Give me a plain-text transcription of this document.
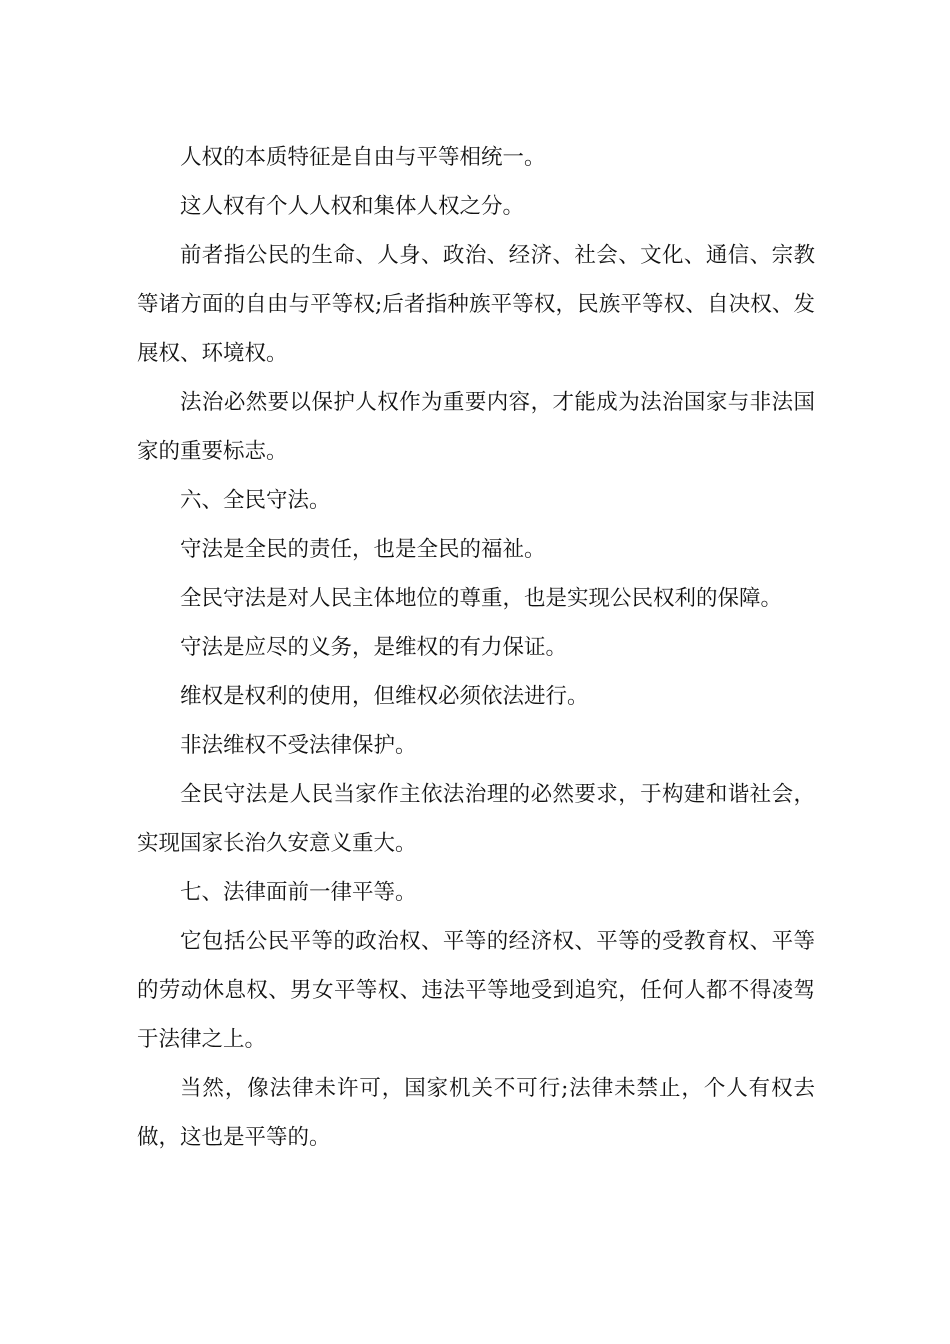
人权的本质特征是自由与平等相统一。

这人权有个人人权和集体人权之分。

前者指公民的生命、人身、政治、经济、社会、文化、通信、宗教等诸方面的自由与平等权;后者指种族平等权，民族平等权、自决权、发展权、环境权。

法治必然要以保护人权作为重要内容，才能成为法治国家与非法国家的重要标志。

六、全民守法。

守法是全民的责任，也是全民的福祉。

全民守法是对人民主体地位的尊重，也是实现公民权利的保障。

守法是应尽的义务，是维权的有力保证。

维权是权利的使用，但维权必须依法进行。

非法维权不受法律保护。

全民守法是人民当家作主依法治理的必然要求，于构建和谐社会，实现国家长治久安意义重大。

七、法律面前一律平等。

它包括公民平等的政治权、平等的经济权、平等的受教育权、平等的劳动休息权、男女平等权、违法平等地受到追究，任何人都不得凌驾于法律之上。

当然，像法律未许可，国家机关不可行;法律未禁止，个人有权去做，这也是平等的。
